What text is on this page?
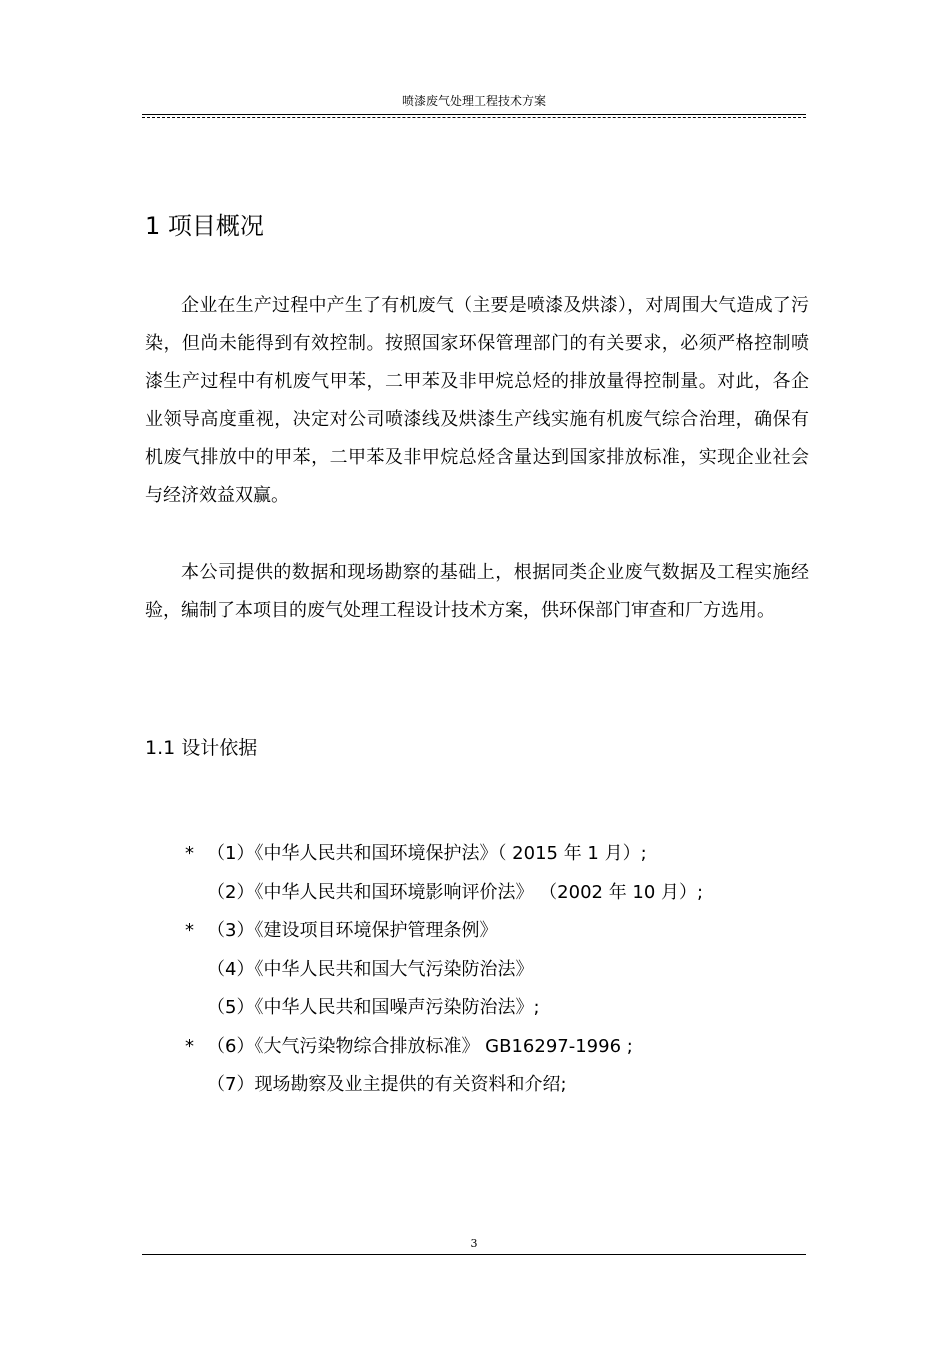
喷漆废气处理工程技术方案
1 项目概况

企业在生产过程中产生了有机废气（主要是喷漆及烘漆），对周围大气造成了污染，但尚未能得到有效控制。按照国家环保管理部门的有关要求，必须严格控制喷漆生产过程中有机废气甲苯，二甲苯及非甲烷总烃的排放量得控制量。对此，各企业领导高度重视，决定对公司喷漆线及烘漆生产线实施有机废气综合治理，确保有机废气排放中的甲苯，二甲苯及非甲烷总烃含量达到国家排放标准，实现企业社会与经济效益双赢。

本公司提供的数据和现场勘察的基础上，根据同类企业废气数据及工程实施经验，编制了本项目的废气处理工程设计技术方案，供环保部门审查和厂方选用。

1.1 设计依据
* （1）《中华人民共和国环境保护法》（ 2015 年 1 月）;
（2）《中华人民共和国环境影响评价法》 （2002 年 10 月）;
* （3）《建设项目环境保护管理条例》
（4）《中华人民共和国大气污染防治法》
（5）《中华人民共和国噪声污染防治法》;
* （6）《大气污染物综合排放标准》 GB16297-1996 ;
（7）现场勘察及业主提供的有关资料和介绍;
3
